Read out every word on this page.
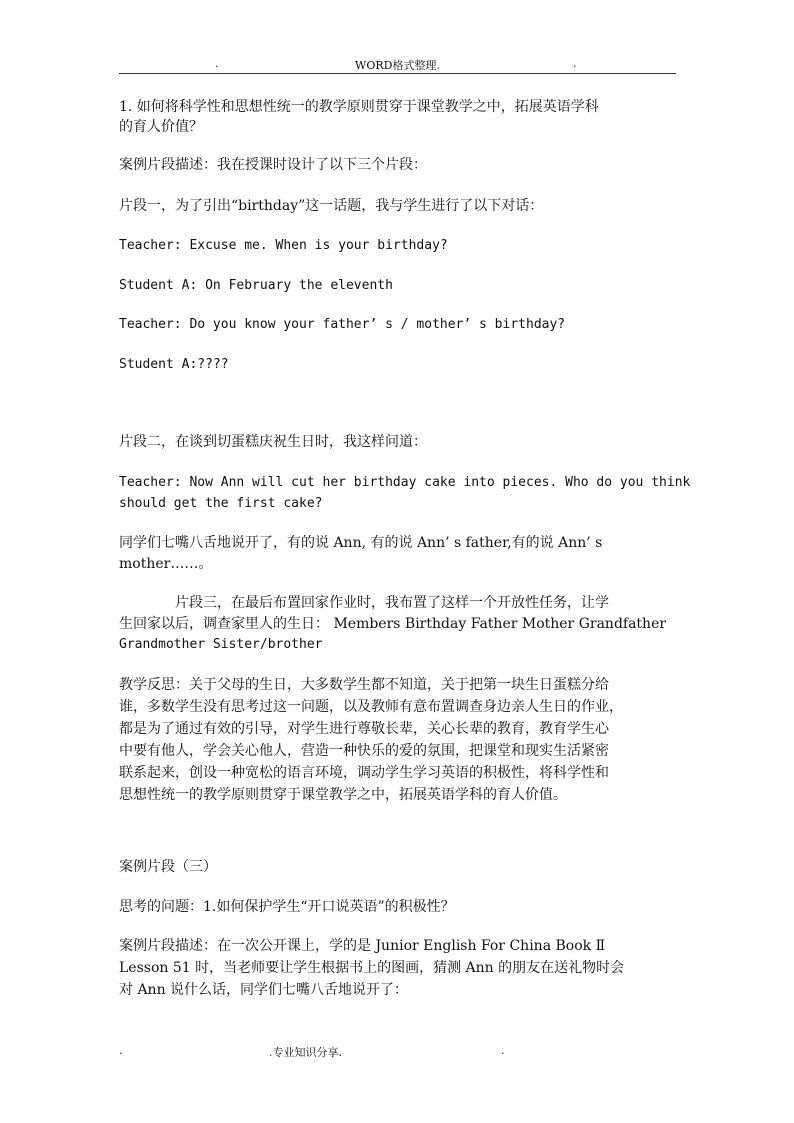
.	WORD格式整理.	.

1. 如何将科学性和思想性统一的教学原则贯穿于课堂教学之中，拓展英语学科

的育人价值？

案例片段描述：我在授课时设计了以下三个片段：

片段一，为了引出“birthday”这一话题，我与学生进行了以下对话：

Teacher: Excuse me. When is your birthday?

Student A: On February the eleventh

Teacher: Do you know your father’ s / mother’ s birthday?

Student A:????

片段二，在谈到切蛋糕庆祝生日时，我这样问道：

Teacher: Now Ann will cut her birthday cake into pieces. Who do you think

should get the first cake?

同学们七嘴八舌地说开了，有的说 Ann, 有的说 Ann’ s father,有的说 Ann’ s

mother……。

片段三，在最后布置回家作业时，我布置了这样一个开放性任务，让学

生回家以后，调查家里人的生日： Members Birthday Father Mother Grandfather

Grandmother Sister/brother

教学反思：关于父母的生日，大多数学生都不知道，关于把第一块生日蛋糕分给

谁，多数学生没有思考过这一问题，以及教师有意布置调查身边亲人生日的作业，

都是为了通过有效的引导，对学生进行尊敬长辈，关心长辈的教育，教育学生心

中要有他人，学会关心他人，营造一种快乐的爱的氛围，把课堂和现实生活紧密

联系起来，创设一种宽松的语言环境，调动学生学习英语的积极性，将科学性和

思想性统一的教学原则贯穿于课堂教学之中，拓展英语学科的育人价值。

案例片段（三）

思考的问题：1.如何保护学生“开口说英语”的积极性？

案例片段描述：在一次公开课上，学的是 Junior English For China Book Ⅱ

Lesson 51 时，当老师要让学生根据书上的图画，猜测 Ann 的朋友在送礼物时会

对 Ann 说什么话，同学们七嘴八舌地说开了：

.	.专业知识分享.	.
